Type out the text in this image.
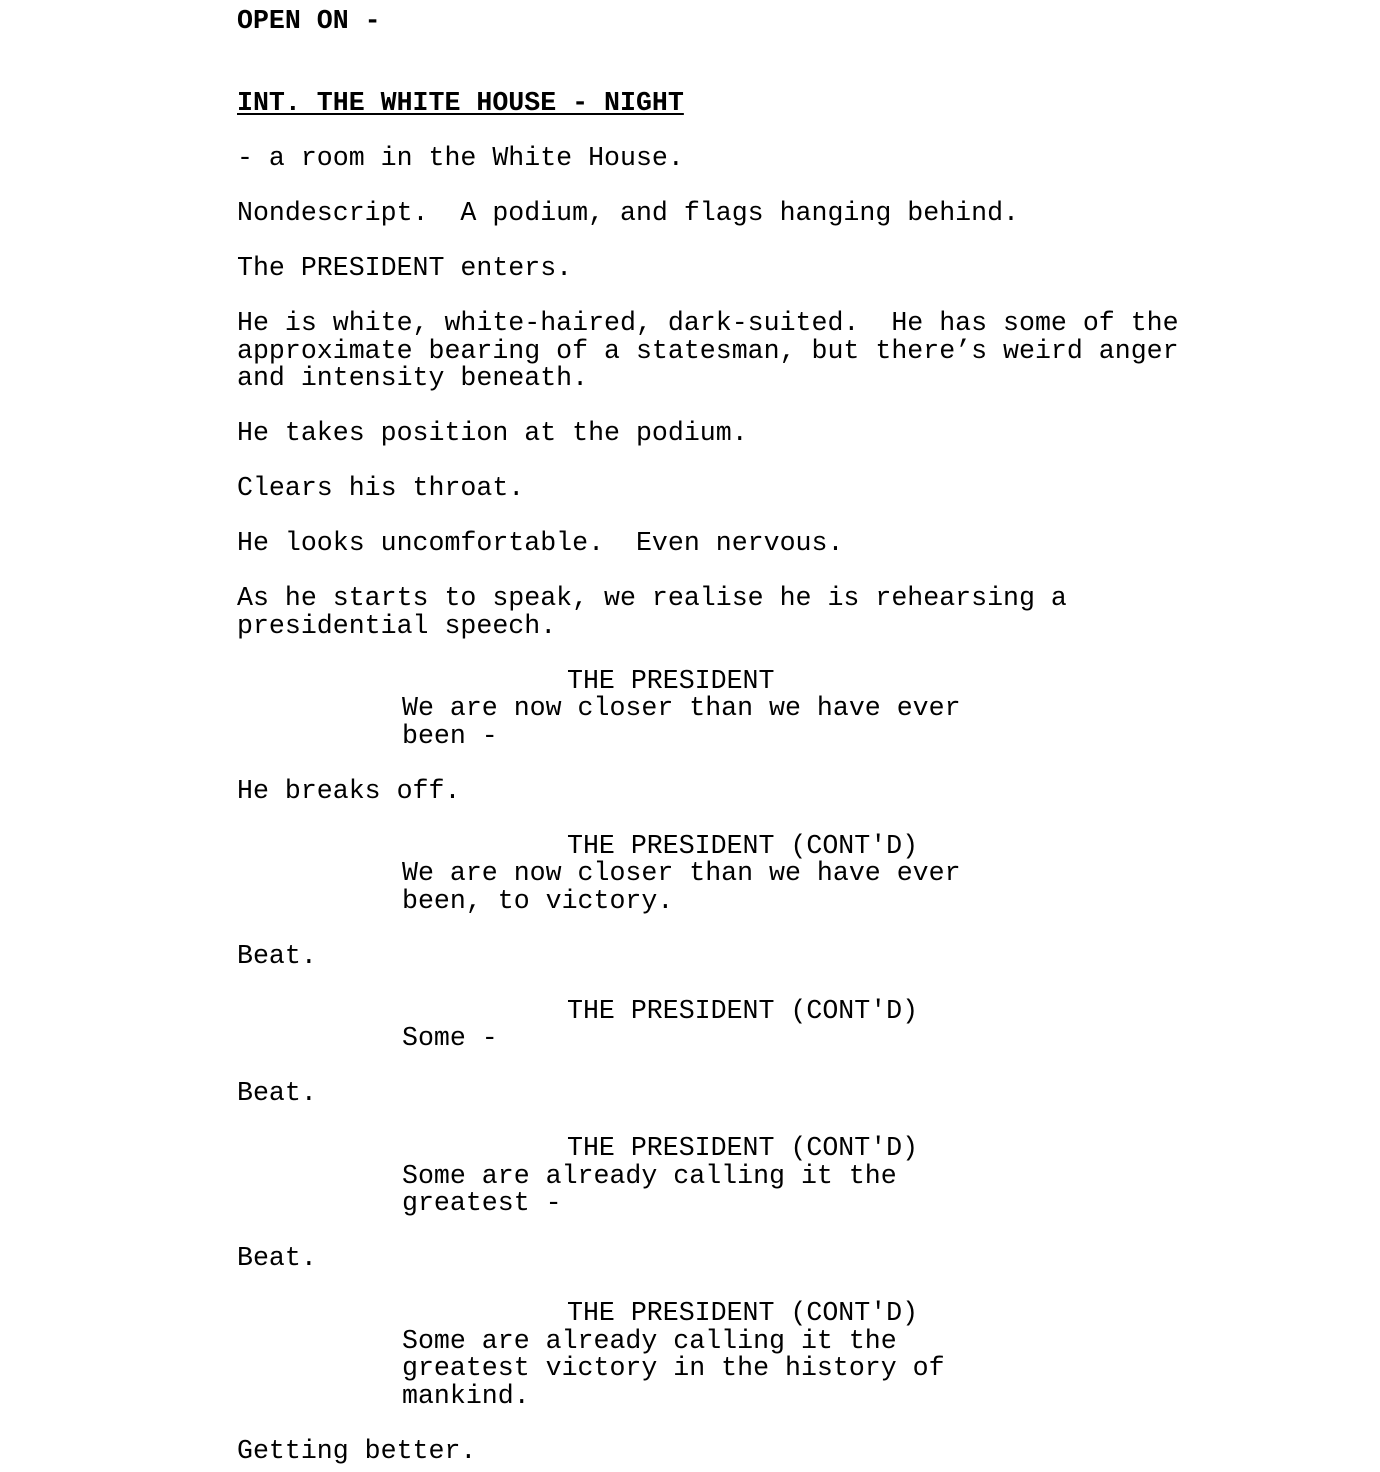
OPEN ON -
INT. THE WHITE HOUSE - NIGHT
- a room in the White House.
Nondescript.  A podium, and flags hanging behind.
The PRESIDENT enters.
He is white, white-haired, dark-suited.  He has some of the
approximate bearing of a statesman, but there’s weird anger
and intensity beneath.
He takes position at the podium.
Clears his throat.
He looks uncomfortable.  Even nervous.
As he starts to speak, we realise he is rehearsing a
presidential speech.
THE PRESIDENT
We are now closer than we have ever
been -
He breaks off.
THE PRESIDENT (CONT'D)
We are now closer than we have ever
been, to victory.
Beat.
THE PRESIDENT (CONT'D)
Some -
Beat.
THE PRESIDENT (CONT'D)
Some are already calling it the
greatest -
Beat.
THE PRESIDENT (CONT'D)
Some are already calling it the
greatest victory in the history of
mankind.
Getting better.
